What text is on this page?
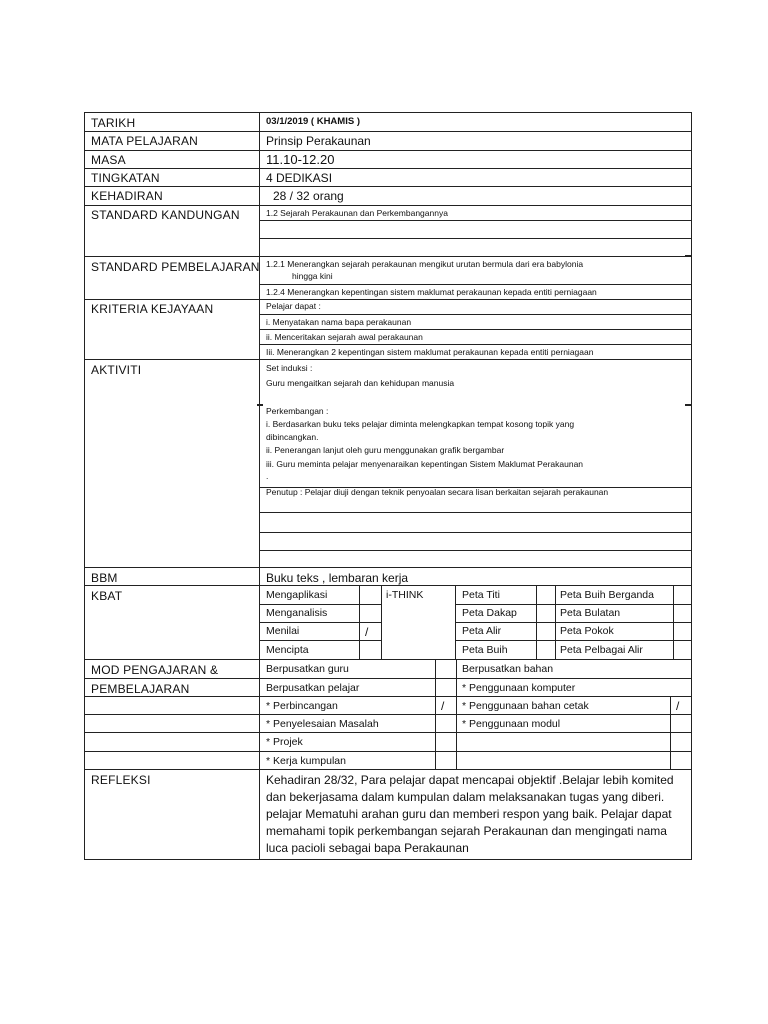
TARIKH
MATA PELAJARAN
MASA
TINGKATAN
KEHADIRAN
STANDARD KANDUNGAN
STANDARD PEMBELAJARAN
KRITERIA KEJAYAAN
AKTIVITI
BBM
KBAT
MOD PENGAJARAN &
PEMBELAJARAN
REFLEKSI
03/1/2019 ( KHAMIS )
Prinsip Perakaunan
11.10-12.20
4 DEDIKASI
28 / 32 orang
1.2 Sejarah Perakaunan dan Perkembangannya
1.2.1 Menerangkan sejarah perakaunan mengikut urutan bermula dari era babylonia
hingga kini
1.2.4 Menerangkan kepentingan sistem maklumat perakaunan kepada entiti perniagaan
Pelajar dapat :
i. Menyatakan nama bapa perakaunan
ii. Menceritakan sejarah awal perakaunan
Iii. Menerangkan 2 kepentingan sistem maklumat perakaunan kepada entiti perniagaan
Set induksi :
Guru mengaitkan sejarah dan kehidupan manusia
Perkembangan :
i. Berdasarkan buku teks pelajar diminta melengkapkan tempat kosong topik yang
dibincangkan.
ii. Penerangan lanjut oleh guru menggunakan grafik bergambar
iii. Guru meminta pelajar menyenaraikan kepentingan Sistem Maklumat Perakaunan
.
Penutup : Pelajar diuji dengan teknik penyoalan secara lisan berkaitan sejarah perakaunan
Buku teks , lembaran kerja
Mengaplikasi
Menganalisis
Menilai
Mencipta
/
i-THINK	Peta Titi
Peta Dakap
Peta Alir
Peta Buih
Peta Buih Berganda
Peta Bulatan
Peta Pokok
Peta Pelbagai Alir
Berpusatkan guru
Berpusatkan pelajar
* Perbincangan
* Penyelesaian Masalah
* Projek
* Kerja kumpulan
/
Berpusatkan bahan
* Penggunaan komputer
* Penggunaan bahan cetak
* Penggunaan modul
/
Kehadiran 28/32, Para pelajar dapat mencapai objektif .Belajar lebih komited dan bekerjasama dalam kumpulan dalam melaksanakan tugas yang diberi. pelajar Mematuhi arahan guru dan memberi respon yang baik. Pelajar dapat memahami topik perkembangan sejarah Perakaunan dan mengingati nama luca pacioli sebagai bapa Perakaunan
